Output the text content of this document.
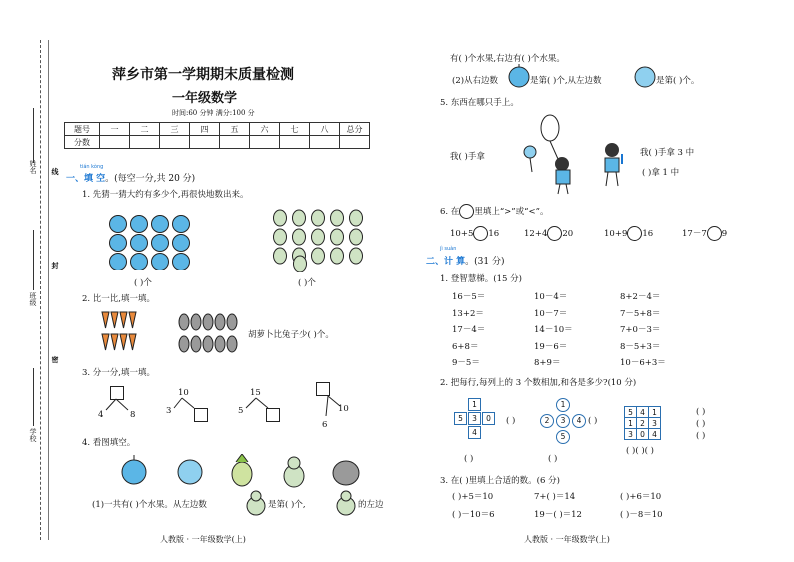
姓名 线
班级
封
密
学校
萍乡市第一学期期末质量检测
一年级数学
时间:60 分钟 满分:100 分
题号	一	二	三	四	五	六	七	八	总分
分数									
tián kòng
一、填 空。(每空一分,共 20 分)
1. 先猜一猜大约有多少个,再很快地数出来。
( )个	( )个
2. 比一比,填一填。
胡萝卜比兔子少( )个。
3. 分一分,填一填。
4	8
10
3
15
5	10
6
4. 看图填空。
(1)一共有( )个水果。从左边数	是第( )个,	的左边
人教版 · 一年级数学(上)
有( )个水果,右边有( )个水果。
(2)从右边数	是第( )个,从左边数	是第( )个。
5. 东西在哪只手上。
我( )手拿	我( )手拿 3 中
( )拿 1 中
6. 在 里填上“>”或“<”。
10+5 16	12+4 20	10+9 16	17－7 9
jì suàn
二、计 算。(31 分)
1. 登智慧梯。(15 分)
16－5＝	10－4＝	8+2－4＝
13+2＝	10－7＝	7－5+8＝
17－4＝	14－10＝	7+0－3＝
6+8＝	19－6＝	8－5+3＝
9－5＝	8+9＝	10－6+3＝
2. 把每行,每列上的 3 个数相加,和各是多少?(10 分)
1
5	3	0
4
( )
( )
1
2	3	4
5
( )
( )
5	4	1
1	2	3
3	0	4
( )
( )
( )
( )( )( )
3. 在( )里填上合适的数。(6 分)
( )+5＝10	7+( )＝14	( )+6＝10
( )－10＝6	19－( )＝12	( )－8＝10
人教版 · 一年级数学(上)
